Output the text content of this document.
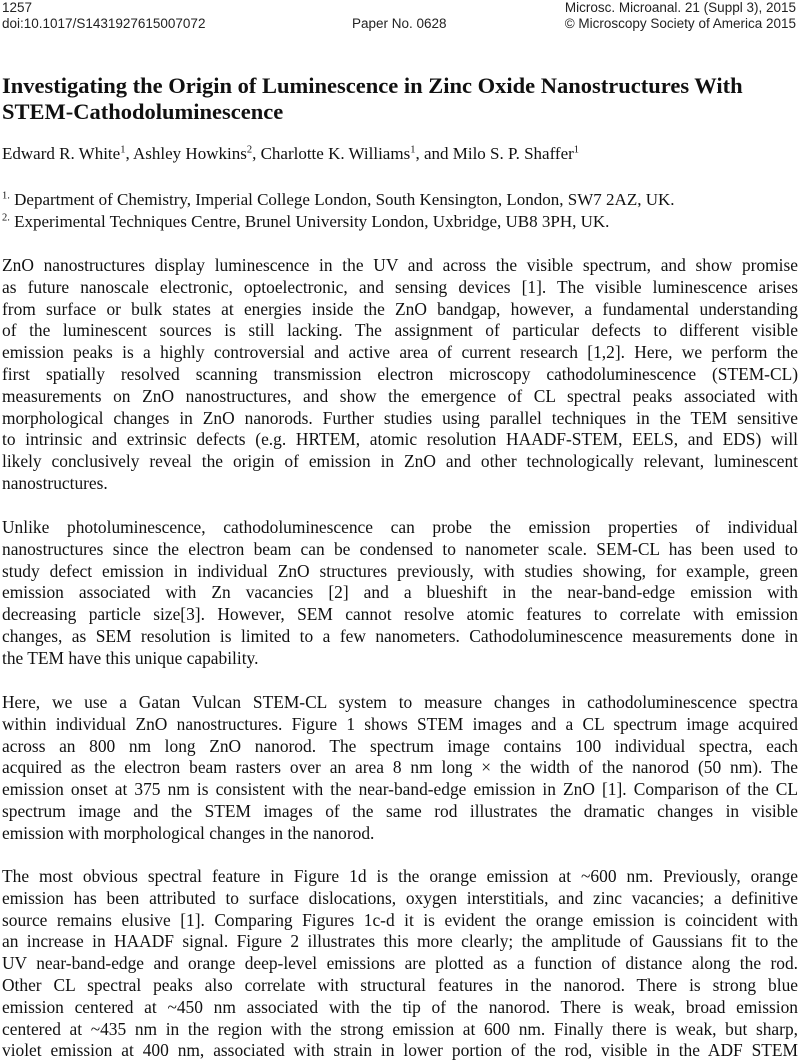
1257
doi:10.1017/S1431927615007072	Paper No. 0628
Microsc. Microanal. 21 (Suppl 3), 2015
© Microscopy Society of America 2015
Investigating the Origin of Luminescence in Zinc Oxide Nanostructures With
STEM-Cathodoluminescence
Edward R. White$^1$, Ashley Howkins$^2$, Charlotte K. Williams$^1$, and Milo S. P. Shaffer$^1$
$^{1.}$ Department of Chemistry, Imperial College London, South Kensington, London, SW7 2AZ, UK.
$^{2.}$ Experimental Techniques Centre, Brunel University London, Uxbridge, UB8 3PH, UK.
ZnO nanostructures display luminescence in the UV and across the visible spectrum, and show promise
as future nanoscale electronic, optoelectronic, and sensing devices [1]. The visible luminescence arises
from surface or bulk states at energies inside the ZnO bandgap, however, a fundamental understanding
of the luminescent sources is still lacking. The assignment of particular defects to different visible
emission peaks is a highly controversial and active area of current research [1,2]. Here, we perform the
first spatially resolved scanning transmission electron microscopy cathodoluminescence (STEM-CL)
measurements on ZnO nanostructures, and show the emergence of CL spectral peaks associated with
morphological changes in ZnO nanorods. Further studies using parallel techniques in the TEM sensitive
to intrinsic and extrinsic defects (e.g. HRTEM, atomic resolution HAADF-STEM, EELS, and EDS) will
likely conclusively reveal the origin of emission in ZnO and other technologically relevant, luminescent
nanostructures.
Unlike photoluminescence, cathodoluminescence can probe the emission properties of individual
nanostructures since the electron beam can be condensed to nanometer scale. SEM-CL has been used to
study defect emission in individual ZnO structures previously, with studies showing, for example, green
emission associated with Zn vacancies [2] and a blueshift in the near-band-edge emission with
decreasing particle size[3]. However, SEM cannot resolve atomic features to correlate with emission
changes, as SEM resolution is limited to a few nanometers. Cathodoluminescence measurements done in
the TEM have this unique capability.
Here, we use a Gatan Vulcan STEM-CL system to measure changes in cathodoluminescence spectra
within individual ZnO nanostructures. Figure 1 shows STEM images and a CL spectrum image acquired
across an 800 nm long ZnO nanorod. The spectrum image contains 100 individual spectra, each
acquired as the electron beam rasters over an area 8 nm long × the width of the nanorod (50 nm). The
emission onset at 375 nm is consistent with the near-band-edge emission in ZnO [1]. Comparison of the CL
spectrum image and the STEM images of the same rod illustrates the dramatic changes in visible
emission with morphological changes in the nanorod.
The most obvious spectral feature in Figure 1d is the orange emission at ~600 nm. Previously, orange
emission has been attributed to surface dislocations, oxygen interstitials, and zinc vacancies; a definitive
source remains elusive [1]. Comparing Figures 1c-d it is evident the orange emission is coincident with
an increase in HAADF signal. Figure 2 illustrates this more clearly; the amplitude of Gaussians fit to the
UV near-band-edge and orange deep-level emissions are plotted as a function of distance along the rod.
Other CL spectral peaks also correlate with structural features in the nanorod. There is strong blue
emission centered at ~450 nm associated with the tip of the nanorod. There is weak, broad emission
centered at ~435 nm in the region with the strong emission at 600 nm. Finally there is weak, but sharp,
violet emission at 400 nm, associated with strain in lower portion of the rod, visible in the ADF STEM
